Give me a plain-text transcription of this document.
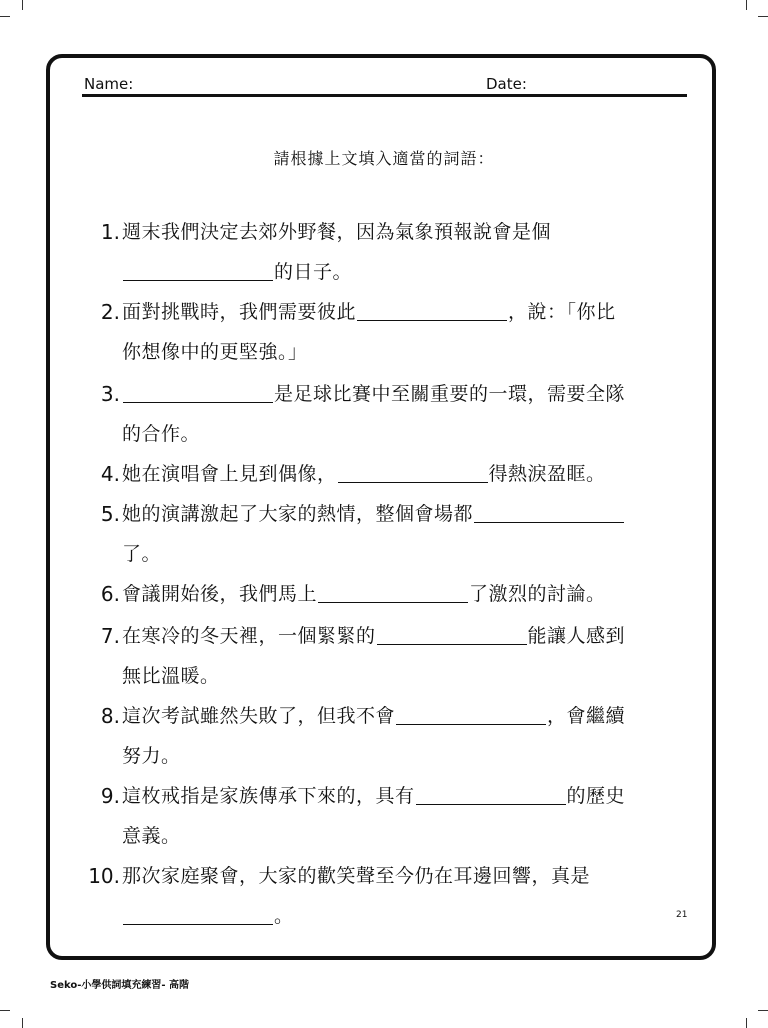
Name:	Date:
請根據上文填入適當的詞語：
1. 週末我們決定去郊外野餐，因為氣象預報說會是個
的日子。
2. 面對挑戰時，我們需要彼此	，說：「你比
你想像中的更堅強。」
3.	是足球比賽中至關重要的一環，需要全隊
的合作。
4. 她在演唱會上見到偶像，	得熱淚盈眶。
5. 她的演講激起了大家的熱情，整個會場都
了。
6. 會議開始後，我們馬上	了激烈的討論。
7. 在寒冷的冬天裡，一個緊緊的	能讓人感到
無比溫暖。
8. 這次考試雖然失敗了，但我不會	，會繼續
努力。
9. 這枚戒指是家族傳承下來的，具有	的歷史
意義。
10. 那次家庭聚會，大家的歡笑聲至今仍在耳邊回響，真是
。	21
Seko-小學供詞填充練習- 高階
